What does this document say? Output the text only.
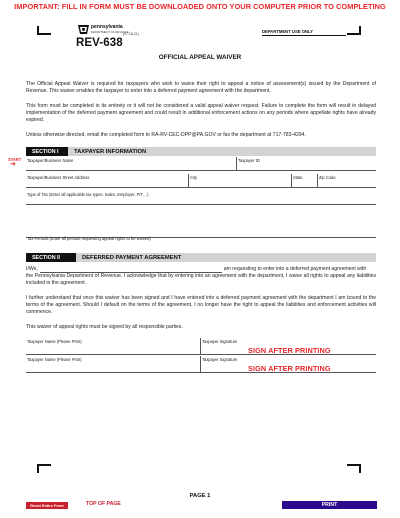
IMPORTANT: FILL IN FORM MUST BE DOWNLOADED ONTO YOUR COMPUTER PRIOR TO COMPLETING
pennsylvania
DEPARTMENT OF REVENUE
(07-16-21)
REV-638
DEPARTMENT USE ONLY
OFFICIAL APPEAL WAIVER
The Official Appeal Waiver is required for taxpayers who wish to waive their right to appeal a notice of assessment(s) issued by the Department of Revenue. This waiver enables the taxpayer to enter into a deferred payment agreement with the department.
This form must be completed in its entirety or it will not be considered a valid appeal waiver request. Failure to complete the form will result in delayed implementation of the deferred payment agreement and could result in additional enforcement actions on any periods where appellate rights have already expired.
Unless otherwise directed, email the completed form to RA-RV-CEC-DPP@PA.GOV or fax the department at 717-783-4294.
START
➔
SECTION I	TAXPAYER INFORMATION
Taxpayer/Business Name	Taxpayer ID
Taxpayer/Business Street Address	City	State	Zip Code
Type of Tax (Enter all applicable tax types: Sales, Employer, PIT…)
Tax Periods (Enter all periods requesting appeal rights to be waived)
SECTION II	DEFERRED PAYMENT AGREEMENT
I/We,	am requesting to enter into a deferred payment agreement with
the Pennsylvania Department of Revenue. I acknowledge that by entering into an agreement with the department, I waive all rights to appeal any liabilities included in the agreement.
I further understand that once this waiver has been signed and I have entered into a deferred payment agreement with the department I am bound to the terms of the agreement. Should I default on the terms of the agreement, I no longer have the right to appeal the liabilities and enforcement activities will commence.
This waiver of appeal rights must be signed by all responsible parties.
Taxpayer Name (Please Print)	Taxpayer Signature
SIGN AFTER PRINTING
Taxpayer Name (Please Print)	Taxpayer Signature
SIGN AFTER PRINTING
PAGE 1
Reset Entire Form	TOP OF PAGE	PRINT
